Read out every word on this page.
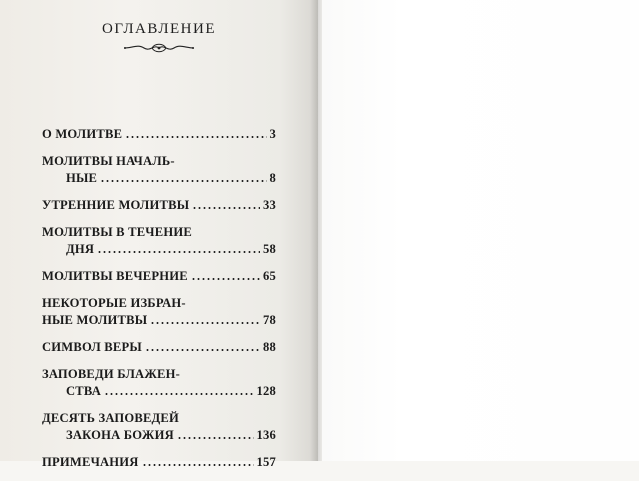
ОГЛАВЛЕНИЕ
О МОЛИТВЕ	3
МОЛИТВЫ НАЧАЛЬ-
НЫЕ	8
УТРЕННИЕ МОЛИТВЫ	33
МОЛИТВЫ В ТЕЧЕНИЕ
ДНЯ	58
МОЛИТВЫ ВЕЧЕРНИЕ	65
НЕКОТОРЫЕ ИЗБРАН-
НЫЕ МОЛИТВЫ	78
СИМВОЛ ВЕРЫ	88
ЗАПОВЕДИ БЛАЖЕН-
СТВА	128
ДЕСЯТЬ ЗАПОВЕДЕЙ
ЗАКОНА БОЖИЯ	136
ПРИМЕЧАНИЯ	157
